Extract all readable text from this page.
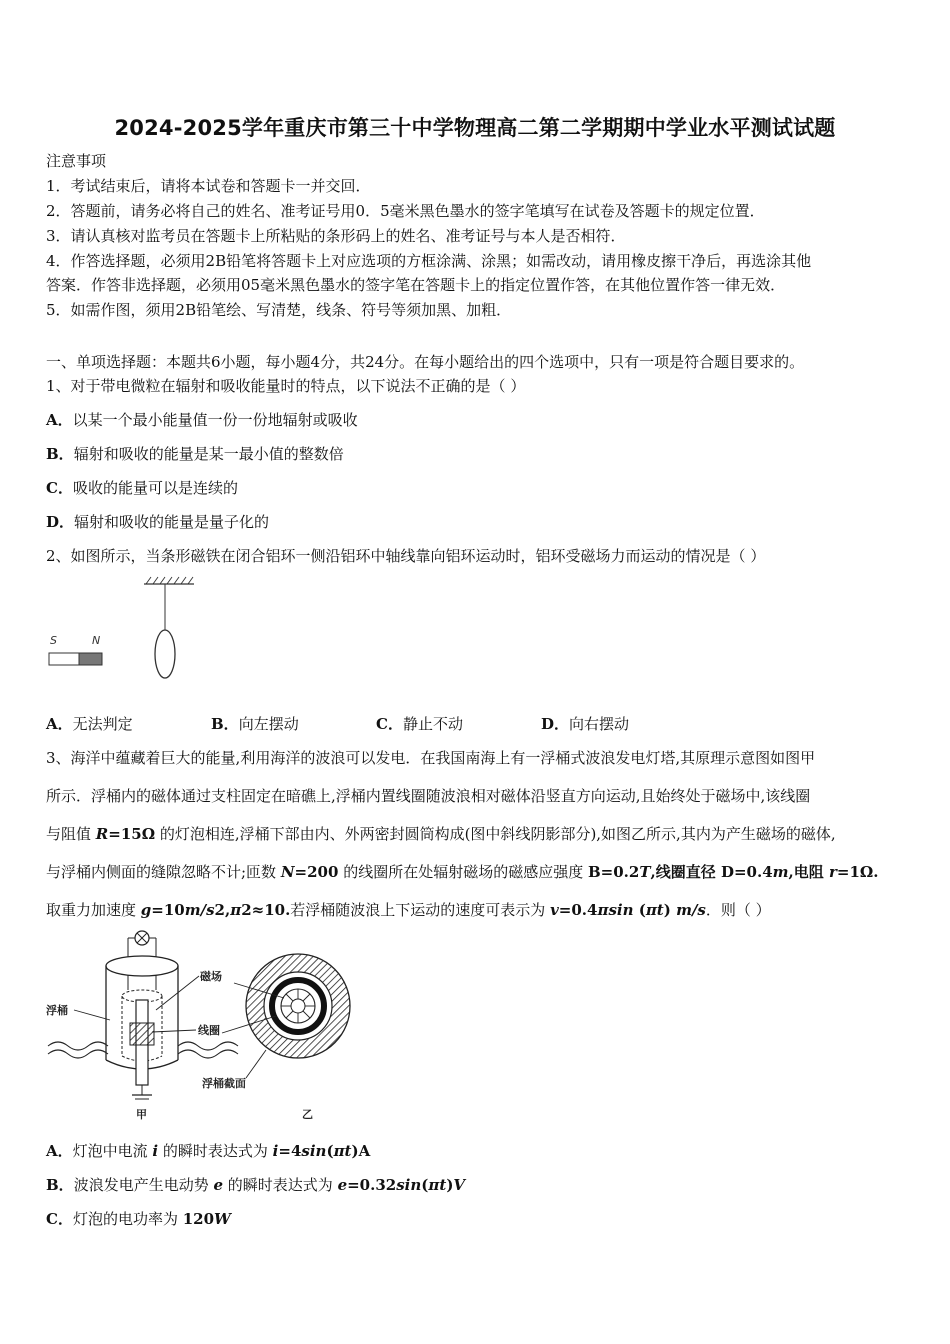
2024-2025学年重庆市第三十中学物理高二第二学期期中学业水平测试试题
注意事项
1．考试结束后，请将本试卷和答题卡一并交回．
2．答题前，请务必将自己的姓名、准考证号用0．5毫米黑色墨水的签字笔填写在试卷及答题卡的规定位置．
3．请认真核对监考员在答题卡上所粘贴的条形码上的姓名、准考证号与本人是否相符．
4．作答选择题，必须用2B铅笔将答题卡上对应选项的方框涂满、涂黑；如需改动，请用橡皮擦干净后，再选涂其他
答案．作答非选择题，必须用05毫米黑色墨水的签字笔在答题卡上的指定位置作答，在其他位置作答一律无效．
5．如需作图，须用2B铅笔绘、写清楚，线条、符号等须加黑、加粗．
一、单项选择题：本题共6小题，每小题4分，共24分。在每小题给出的四个选项中，只有一项是符合题目要求的。
1、对于带电微粒在辐射和吸收能量时的特点，以下说法不正确的是（ ）
A．以某一个最小能量值一份一份地辐射或吸收
B．辐射和吸收的能量是某一最小值的整数倍
C．吸收的能量可以是连续的
D．辐射和吸收的能量是量子化的
2、如图所示，当条形磁铁在闭合铝环一侧沿铝环中轴线靠向铝环运动时，铝环受磁场力而运动的情况是（ ）
S	N
A．无法判定	B．向左摆动	C．静止不动	D．向右摆动
3、海洋中蕴藏着巨大的能量,利用海洋的波浪可以发电．在我国南海上有一浮桶式波浪发电灯塔,其原理示意图如图甲
所示．浮桶内的磁体通过支柱固定在暗礁上,浮桶内置线圈随波浪相对磁体沿竖直方向运动,且始终处于磁场中,该线圈
与阻值 R=15Ω 的灯泡相连,浮桶下部由内、外两密封圆筒构成(图中斜线阴影部分),如图乙所示,其内为产生磁场的磁体,
与浮桶内侧面的缝隙忽略不计;匝数 N=200 的线圈所在处辐射磁场的磁感应强度 B=0.2T,线圈直径 D=0.4m,电阻 r=1Ω.
取重力加速度 g=10m/s2,π2≈10.若浮桶随波浪上下运动的速度可表示为 v=0.4πsin (πt) m/s．则（ ）
浮桶
磁场
线圈
甲
浮桶截面
乙
A．灯泡中电流 i 的瞬时表达式为 i=4sin(πt)A
B．波浪发电产生电动势 e 的瞬时表达式为 e=0.32sin(πt)V
C．灯泡的电功率为 120W
